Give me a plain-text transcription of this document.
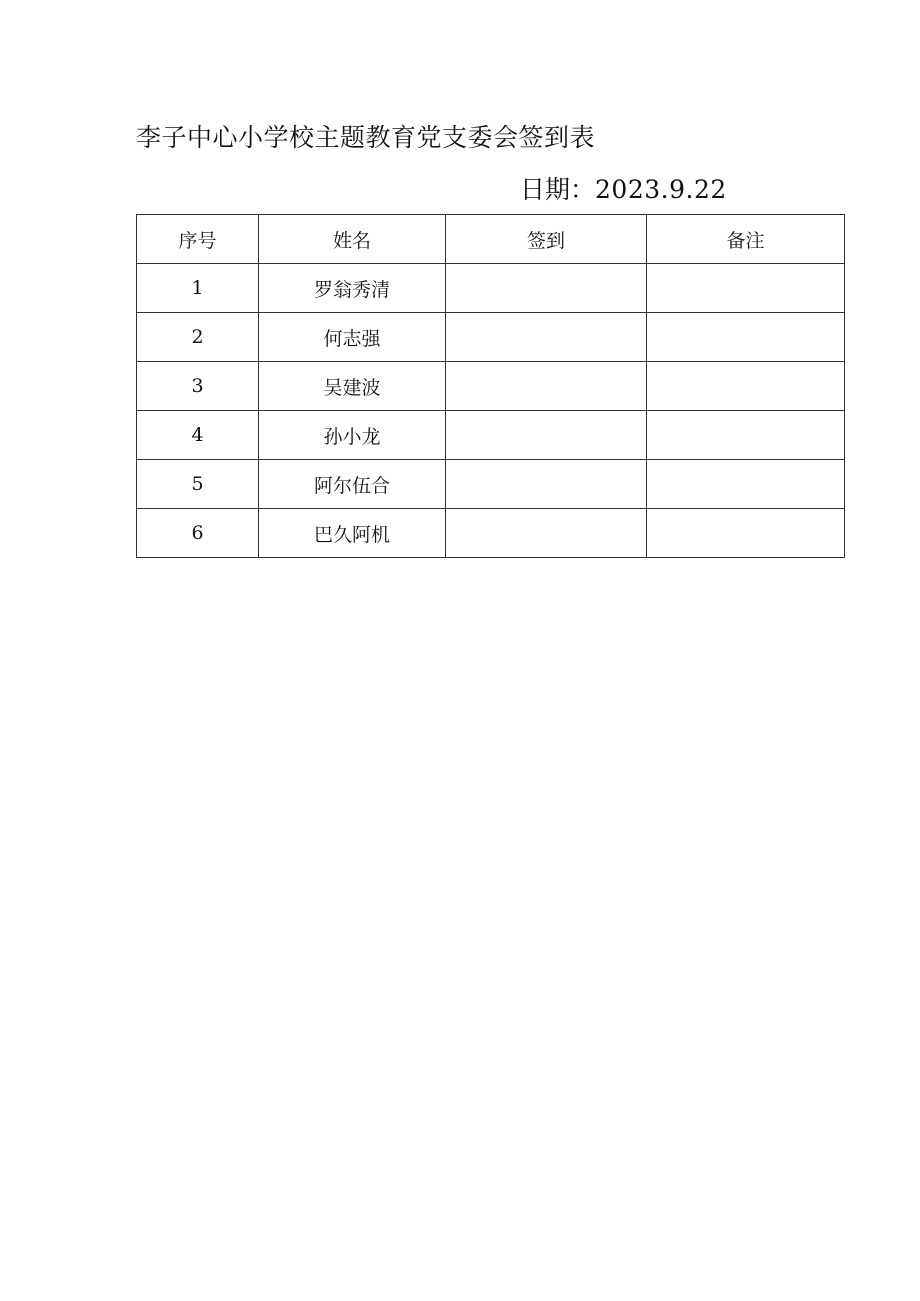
李子中心小学校主题教育党支委会签到表
日期：2023.9.22
序号	姓名	签到	备注
1	罗翁秀清		
2	何志强		
3	吴建波		
4	孙小龙		
5	阿尔伍合		
6	巴久阿机		
